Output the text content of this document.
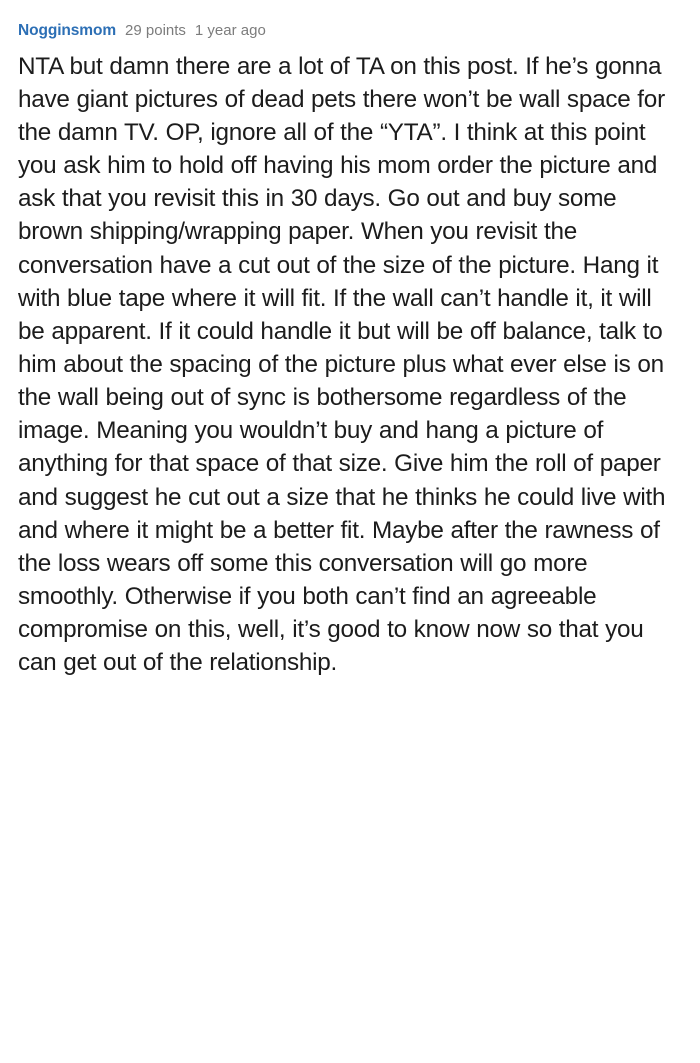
Nogginsmom 29 points 1 year ago
NTA but damn there are a lot of TA on this post. If he’s gonna have giant pictures of dead pets there won’t be wall space for the damn TV. OP, ignore all of the “YTA”. I think at this point you ask him to hold off having his mom order the picture and ask that you revisit this in 30 days. Go out and buy some brown shipping/wrapping paper. When you revisit the conversation have a cut out of the size of the picture. Hang it with blue tape where it will fit. If the wall can’t handle it, it will be apparent. If it could handle it but will be off balance, talk to him about the spacing of the picture plus what ever else is on the wall being out of sync is bothersome regardless of the image. Meaning you wouldn’t buy and hang a picture of anything for that space of that size. Give him the roll of paper and suggest he cut out a size that he thinks he could live with and where it might be a better fit. Maybe after the rawness of the loss wears off some this conversation will go more smoothly. Otherwise if you both can’t find an agreeable compromise on this, well, it’s good to know now so that you can get out of the relationship.
